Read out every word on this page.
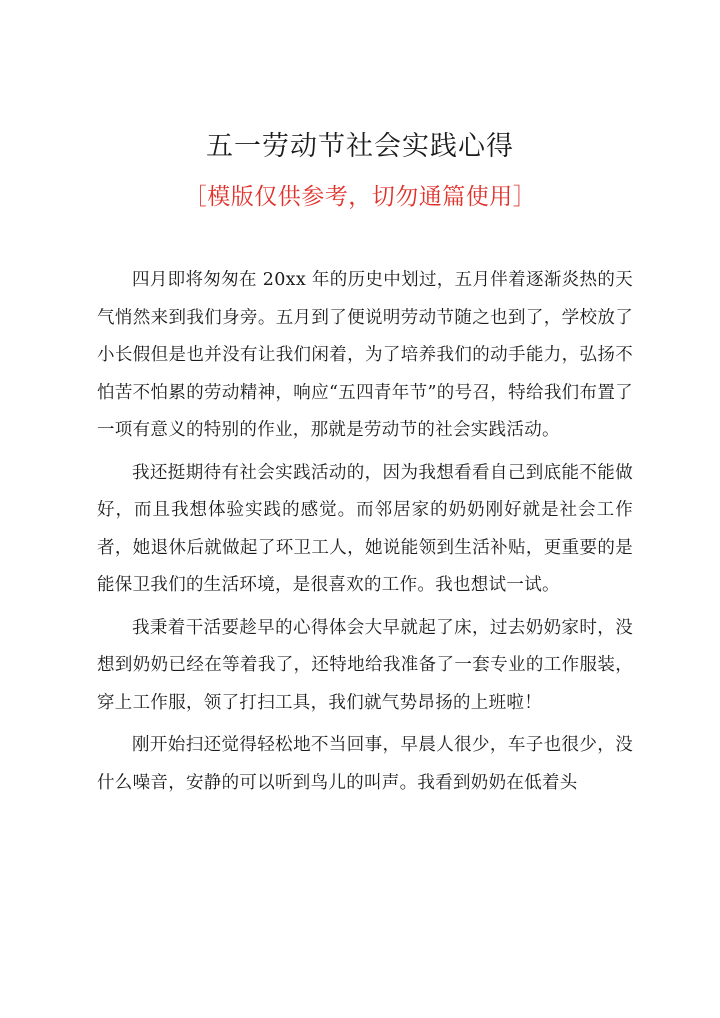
五一劳动节社会实践心得
［模版仅供参考，切勿通篇使用］

四月即将匆匆在 20xx 年的历史中划过，五月伴着逐渐炎热的天气悄然来到我们身旁。五月到了便说明劳动节随之也到了，学校放了小长假但是也并没有让我们闲着，为了培养我们的动手能力，弘扬不怕苦不怕累的劳动精神，响应“五四青年节”的号召，特给我们布置了一项有意义的特别的作业，那就是劳动节的社会实践活动。

我还挺期待有社会实践活动的，因为我想看看自己到底能不能做好，而且我想体验实践的感觉。而邻居家的奶奶刚好就是社会工作者，她退休后就做起了环卫工人，她说能领到生活补贴，更重要的是能保卫我们的生活环境，是很喜欢的工作。我也想试一试。

我秉着干活要趁早的心得体会大早就起了床，过去奶奶家时，没想到奶奶已经在等着我了，还特地给我准备了一套专业的工作服装，穿上工作服，领了打扫工具，我们就气势昂扬的上班啦！

刚开始扫还觉得轻松地不当回事，早晨人很少，车子也很少，没什么噪音，安静的可以听到鸟儿的叫声。我看到奶奶在低着头
